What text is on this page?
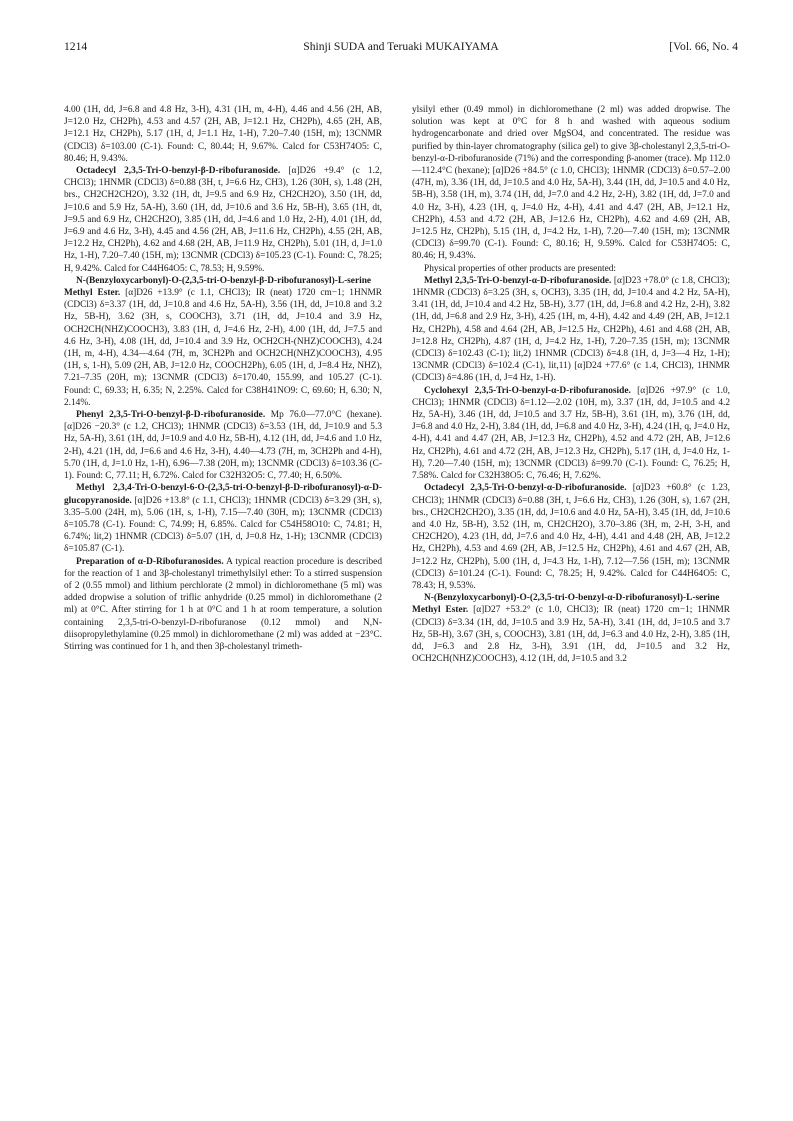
1214	Shinji SUDA and Teruaki MUKAIYAMA	[Vol. 66, No. 4

4.00 (1H, dd, J=6.8 and 4.8 Hz, 3-H), 4.31 (1H, m, 4-H), 4.46 and 4.56 (2H, AB, J=12.0 Hz, CH2Ph), 4.53 and 4.57 (2H, AB, J=12.1 Hz, CH2Ph), 4.65 (2H, AB, J=12.1 Hz, CH2Ph), 5.17 (1H, d, J=1.1 Hz, 1-H), 7.20–7.40 (15H, m); 13CNMR (CDCl3) δ=103.00 (C-1). Found: C, 80.44; H, 9.67%. Calcd for C53H74O5: C, 80.46; H, 9.43%.

Octadecyl 2,3,5-Tri-O-benzyl-β-D-ribofuranoside. [α]D26 +9.4° (c 1.2, CHCl3); 1HNMR (CDCl3) δ=0.88 (3H, t, J=6.6 Hz, CH3), 1.26 (30H, s), 1.48 (2H, brs., CH2CH2CH2O), 3.32 (1H, dt, J=9.5 and 6.9 Hz, CH2CH2O), 3.50 (1H, dd, J=10.6 and 5.9 Hz, 5A-H), 3.60 (1H, dd, J=10.6 and 3.6 Hz, 5B-H), 3.65 (1H, dt, J=9.5 and 6.9 Hz, CH2CH2O), 3.85 (1H, dd, J=4.6 and 1.0 Hz, 2-H), 4.01 (1H, dd, J=6.9 and 4.6 Hz, 3-H), 4.45 and 4.56 (2H, AB, J=11.6 Hz, CH2Ph), 4.55 (2H, AB, J=12.2 Hz, CH2Ph), 4.62 and 4.68 (2H, AB, J=11.9 Hz, CH2Ph), 5.01 (1H, d, J=1.0 Hz, 1-H), 7.20–7.40 (15H, m); 13CNMR (CDCl3) δ=105.23 (C-1). Found: C, 78.25; H, 9.42%. Calcd for C44H64O5: C, 78.53; H, 9.59%.

N-(Benzyloxycarbonyl)-O-(2,3,5-tri-O-benzyl-β-D-ribofuranosyl)-L-serine Methyl Ester. [α]D26 +13.9° (c 1.1, CHCl3); IR (neat) 1720 cm−1; 1HNMR (CDCl3) δ=3.37 (1H, dd, J=10.8 and 4.6 Hz, 5A-H), 3.56 (1H, dd, J=10.8 and 3.2 Hz, 5B-H), 3.62 (3H, s, COOCH3), 3.71 (1H, dd, J=10.4 and 3.9 Hz, OCH2CH(NHZ)COOCH3), 3.83 (1H, d, J=4.6 Hz, 2-H), 4.00 (1H, dd, J=7.5 and 4.6 Hz, 3-H), 4.08 (1H, dd, J=10.4 and 3.9 Hz, OCH2CH-(NHZ)COOCH3), 4.24 (1H, m, 4-H), 4.34—4.64 (7H, m, 3CH2Ph and OCH2CH(NHZ)COOCH3), 4.95 (1H, s, 1-H), 5.09 (2H, AB, J=12.0 Hz, COOCH2Ph), 6.05 (1H, d, J=8.4 Hz, NHZ), 7.21–7.35 (20H, m); 13CNMR (CDCl3) δ=170.40, 155.99, and 105.27 (C-1). Found: C, 69.33; H, 6.35; N, 2.25%. Calcd for C38H41NO9: C, 69.60; H, 6.30; N, 2.14%.

Phenyl 2,3,5-Tri-O-benzyl-β-D-ribofuranoside. Mp 76.0—77.0°C (hexane). [α]D26 −20.3° (c 1.2, CHCl3); 1HNMR (CDCl3) δ=3.53 (1H, dd, J=10.9 and 5.3 Hz, 5A-H), 3.61 (1H, dd, J=10.9 and 4.0 Hz, 5B-H), 4.12 (1H, dd, J=4.6 and 1.0 Hz, 2-H), 4.21 (1H, dd, J=6.6 and 4.6 Hz, 3-H), 4.40—4.73 (7H, m, 3CH2Ph and 4-H), 5.70 (1H, d, J=1.0 Hz, 1-H), 6.96—7.38 (20H, m); 13CNMR (CDCl3) δ=103.36 (C-1). Found: C, 77.11; H, 6.72%. Calcd for C32H32O5: C, 77.40; H, 6.50%.

Methyl 2,3,4-Tri-O-benzyl-6-O-(2,3,5-tri-O-benzyl-β-D-ribofuranosyl)-α-D-glucopyranoside. [α]D26 +13.8° (c 1.1, CHCl3); 1HNMR (CDCl3) δ=3.29 (3H, s), 3.35–5.00 (24H, m), 5.06 (1H, s, 1-H), 7.15—7.40 (30H, m); 13CNMR (CDCl3) δ=105.78 (C-1). Found: C, 74.99; H, 6.85%. Calcd for C54H58O10: C, 74.81; H, 6.74%; lit,2) 1HNMR (CDCl3) δ=5.07 (1H, d, J=0.8 Hz, 1-H); 13CNMR (CDCl3) δ=105.87 (C-1).

Preparation of α-D-Ribofuranosides. A typical reaction procedure is described for the reaction of 1 and 3β-cholestanyl trimethylsilyl ether: To a stirred suspension of 2 (0.55 mmol) and lithium perchlorate (2 mmol) in dichloromethane (5 ml) was added dropwise a solution of triflic anhydride (0.25 mmol) in dichloromethane (2 ml) at 0°C. After stirring for 1 h at 0°C and 1 h at room temperature, a solution containing 2,3,5-tri-O-benzyl-D-ribofuranose (0.12 mmol) and N,N-diisopropylethylamine (0.25 mmol) in dichloromethane (2 ml) was added at −23°C. Stirring was continued for 1 h, and then 3β-cholestanyl trimeth-

ylsilyl ether (0.49 mmol) in dichloromethane (2 ml) was added dropwise. The solution was kept at 0°C for 8 h and washed with aqueous sodium hydrogencarbonate and dried over MgSO4, and concentrated. The residue was purified by thin-layer chromatography (silica gel) to give 3β-cholestanyl 2,3,5-tri-O-benzyl-α-D-ribofuranoside (71%) and the corresponding β-anomer (trace). Mp 112.0—112.4°C (hexane); [α]D26 +84.5° (c 1.0, CHCl3); 1HNMR (CDCl3) δ=0.57–2.00 (47H, m), 3.36 (1H, dd, J=10.5 and 4.0 Hz, 5A-H), 3.44 (1H, dd, J=10.5 and 4.0 Hz, 5B-H), 3.58 (1H, m), 3.74 (1H, dd, J=7.0 and 4.2 Hz, 2-H), 3.82 (1H, dd, J=7.0 and 4.0 Hz, 3-H), 4.23 (1H, q, J=4.0 Hz, 4-H), 4.41 and 4.47 (2H, AB, J=12.1 Hz, CH2Ph), 4.53 and 4.72 (2H, AB, J=12.6 Hz, CH2Ph), 4.62 and 4.69 (2H, AB, J=12.5 Hz, CH2Ph), 5.15 (1H, d, J=4.2 Hz, 1-H), 7.20—7.40 (15H, m); 13CNMR (CDCl3) δ=99.70 (C-1). Found: C, 80.16; H, 9.59%. Calcd for C53H74O5: C, 80.46; H, 9.43%.

Physical properties of other products are presented:

Methyl 2,3,5-Tri-O-benzyl-α-D-ribofuranoside. [α]D23 +78.0° (c 1.8, CHCl3); 1HNMR (CDCl3) δ=3.25 (3H, s, OCH3), 3.35 (1H, dd, J=10.4 and 4.2 Hz, 5A-H), 3.41 (1H, dd, J=10.4 and 4.2 Hz, 5B-H), 3.77 (1H, dd, J=6.8 and 4.2 Hz, 2-H), 3.82 (1H, dd, J=6.8 and 2.9 Hz, 3-H), 4.25 (1H, m, 4-H), 4.42 and 4.49 (2H, AB, J=12.1 Hz, CH2Ph), 4.58 and 4.64 (2H, AB, J=12.5 Hz, CH2Ph), 4.61 and 4.68 (2H, AB, J=12.8 Hz, CH2Ph), 4.87 (1H, d, J=4.2 Hz, 1-H), 7.20–7.35 (15H, m); 13CNMR (CDCl3) δ=102.43 (C-1); lit,2) 1HNMR (CDCl3) δ=4.8 (1H, d, J=3—4 Hz, 1-H); 13CNMR (CDCl3) δ=102.4 (C-1), lit,11) [α]D24 +77.6° (c 1.4, CHCl3), 1HNMR (CDCl3) δ=4.86 (1H, d, J=4 Hz, 1-H).

Cyclohexyl 2,3,5-Tri-O-benzyl-α-D-ribofuranoside. [α]D26 +97.9° (c 1.0, CHCl3); 1HNMR (CDCl3) δ=1.12—2.02 (10H, m), 3.37 (1H, dd, J=10.5 and 4.2 Hz, 5A-H), 3.46 (1H, dd, J=10.5 and 3.7 Hz, 5B-H), 3.61 (1H, m), 3.76 (1H, dd, J=6.8 and 4.0 Hz, 2-H), 3.84 (1H, dd, J=6.8 and 4.0 Hz, 3-H), 4.24 (1H, q, J=4.0 Hz, 4-H), 4.41 and 4.47 (2H, AB, J=12.3 Hz, CH2Ph), 4.52 and 4.72 (2H, AB, J=12.6 Hz, CH2Ph), 4.61 and 4.72 (2H, AB, J=12.3 Hz, CH2Ph), 5.17 (1H, d, J=4.0 Hz, 1-H), 7.20—7.40 (15H, m); 13CNMR (CDCl3) δ=99.70 (C-1). Found: C, 76.25; H, 7.58%. Calcd for C32H38O5: C, 76.46; H, 7.62%.

Octadecyl 2,3,5-Tri-O-benzyl-α-D-ribofuranoside. [α]D23 +60.8° (c 1.23, CHCl3); 1HNMR (CDCl3) δ=0.88 (3H, t, J=6.6 Hz, CH3), 1.26 (30H, s), 1.67 (2H, brs., CH2CH2CH2O), 3.35 (1H, dd, J=10.6 and 4.0 Hz, 5A-H), 3.45 (1H, dd, J=10.6 and 4.0 Hz, 5B-H), 3.52 (1H, m, CH2CH2O), 3.70–3.86 (3H, m, 2-H, 3-H, and CH2CH2O), 4.23 (1H, dd, J=7.6 and 4.0 Hz, 4-H), 4.41 and 4.48 (2H, AB, J=12.2 Hz, CH2Ph), 4.53 and 4.69 (2H, AB, J=12.5 Hz, CH2Ph), 4.61 and 4.67 (2H, AB, J=12.2 Hz, CH2Ph), 5.00 (1H, d, J=4.3 Hz, 1-H), 7.12—7.56 (15H, m); 13CNMR (CDCl3) δ=101.24 (C-1). Found: C, 78.25; H, 9.42%. Calcd for C44H64O5: C, 78.43; H, 9.53%.

N-(Benzyloxycarbonyl)-O-(2,3,5-tri-O-benzyl-α-D-ribofuranosyl)-L-serine Methyl Ester. [α]D27 +53.2° (c 1.0, CHCl3); IR (neat) 1720 cm−1; 1HNMR (CDCl3) δ=3.34 (1H, dd, J=10.5 and 3.9 Hz, 5A-H), 3.41 (1H, dd, J=10.5 and 3.7 Hz, 5B-H), 3.67 (3H, s, COOCH3), 3.81 (1H, dd, J=6.3 and 4.0 Hz, 2-H), 3.85 (1H, dd, J=6.3 and 2.8 Hz, 3-H), 3.91 (1H, dd, J=10.5 and 3.2 Hz, OCH2CH(NHZ)COOCH3), 4.12 (1H, dd, J=10.5 and 3.2
